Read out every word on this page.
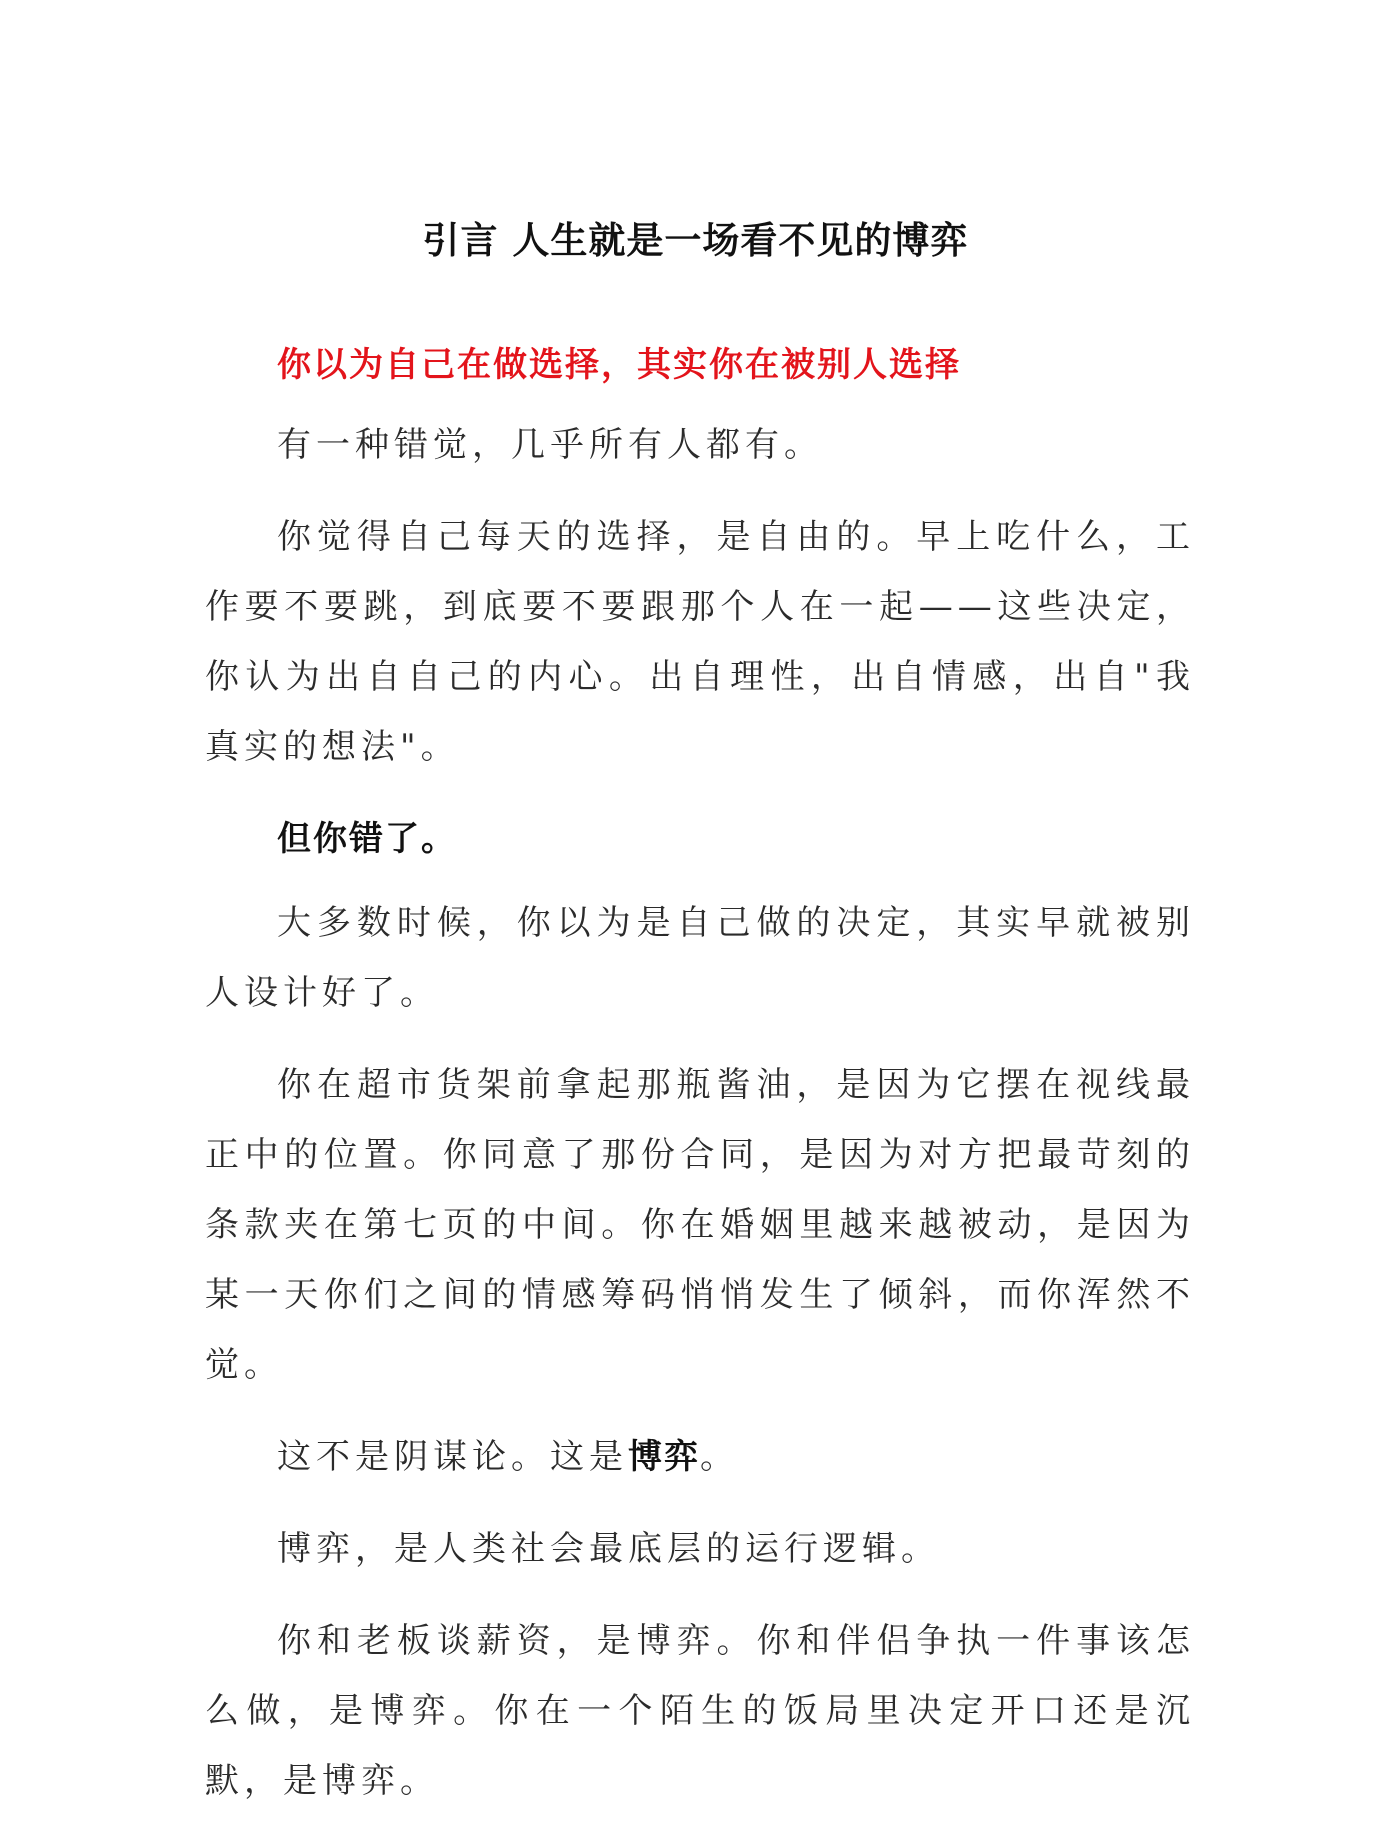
引言 人生就是一场看不见的博弈

你以为自己在做选择，其实你在被别人选择

有一种错觉，几乎所有人都有。

你觉得自己每天的选择，是自由的。早上吃什么，工作要不要跳，到底要不要跟那个人在一起——这些决定，你认为出自自己的内心。出自理性，出自情感，出自"我真实的想法"。

但你错了。

大多数时候，你以为是自己做的决定，其实早就被别人设计好了。

你在超市货架前拿起那瓶酱油，是因为它摆在视线最正中的位置。你同意了那份合同，是因为对方把最苛刻的条款夹在第七页的中间。你在婚姻里越来越被动，是因为某一天你们之间的情感筹码悄悄发生了倾斜，而你浑然不觉。

这不是阴谋论。这是博弈。

博弈，是人类社会最底层的运行逻辑。

你和老板谈薪资，是博弈。你和伴侣争执一件事该怎么做，是博弈。你在一个陌生的饭局里决定开口还是沉默，是博弈。
